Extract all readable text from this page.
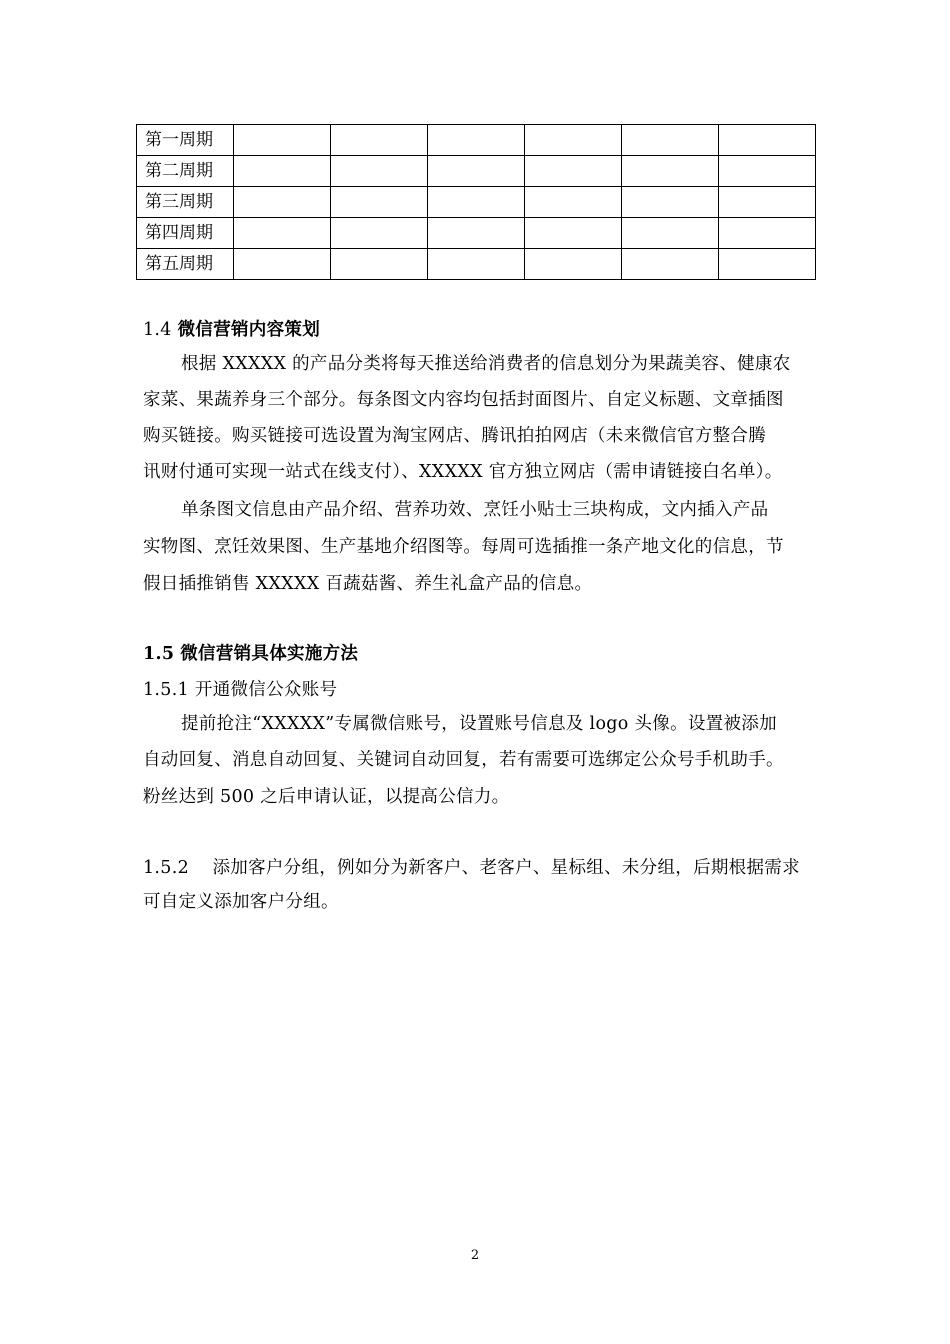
第一周期						
第二周期						
第三周期						
第四周期						
第五周期						
1.4 微信营销内容策划
根据 XXXXX 的产品分类将每天推送给消费者的信息划分为果蔬美容、健康农
家菜、果蔬养身三个部分。每条图文内容均包括封面图片、自定义标题、文章插图
购买链接。购买链接可选设置为淘宝网店、腾讯拍拍网店（未来微信官方整合腾
讯财付通可实现一站式在线支付）、XXXXX 官方独立网店（需申请链接白名单）。
单条图文信息由产品介绍、营养功效、烹饪小贴士三块构成，文内插入产品
实物图、烹饪效果图、生产基地介绍图等。每周可选插推一条产地文化的信息，节
假日插推销售 XXXXX 百蔬菇酱、养生礼盒产品的信息。
1.5 微信营销具体实施方法
1.5.1 开通微信公众账号
提前抢注“XXXXX”专属微信账号，设置账号信息及 logo 头像。设置被添加
自动回复、消息自动回复、关键词自动回复，若有需要可选绑定公众号手机助手。
粉丝达到 500 之后申请认证，以提高公信力。
1.5.2 添加客户分组，例如分为新客户、老客户、星标组、未分组，后期根据需求
可自定义添加客户分组。
2
